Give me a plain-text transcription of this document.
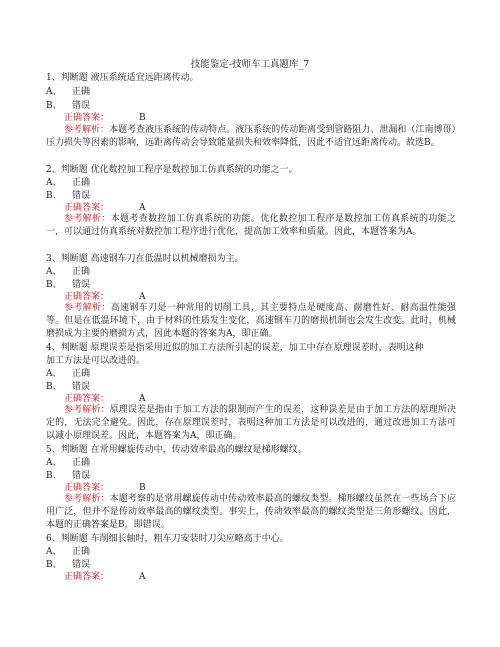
技能鉴定-技师车工真题库_7
1、判断题 液压系统适宜远距离传动。
A、 正确
B、 错误
正确答案：	B
参考解析：本题考查液压系统的传动特点。液压系统的传动距离受到管路阻力、泄漏和（江南博哥）压力损失等因素的影响，远距离传动会导致能量损失和效率降低，因此不适宜远距离传动。故选B。
2、判断题 优化数控加工程序是数控加工仿真系统的功能之一。
A、 正确
B、 错误
正确答案：	A
参考解析：本题考查数控加工仿真系统的功能。优化数控加工程序是数控加工仿真系统的功能之一，可以通过仿真系统对数控加工程序进行优化，提高加工效率和质量。因此，本题答案为A。
3、判断题 高速钢车刀在低温时以机械磨损为主。
A、 正确
B、 错误
正确答案：	A
参考解析：高速钢车刀是一种常用的切削工具，其主要特点是硬度高、耐磨性好、耐高温性能强等。但是在低温环境下，由于材料的性质发生变化，高速钢车刀的磨损机制也会发生改变。此时，机械磨损成为主要的磨损方式，因此本题的答案为A，即正确。
4、判断题 原理误差是指采用近似的加工方法所引起的误差，加工中存在原理误差时，表明这种
加工方法是可以改进的。
A、 正确
B、 错误
正确答案：	A
参考解析：原理误差是指由于加工方法的限制而产生的误差，这种误差是由于加工方法的原理所决定的，无法完全避免。因此，存在原理误差时，表明这种加工方法是可以改进的，通过改进加工方法可以减小原理误差。因此，本题答案为A，即正确。
5、判断题 在常用螺旋传动中，传动效率最高的螺纹是梯形螺纹。
A、 正确
B、 错误
正确答案：	B
参考解析：本题考察的是常用螺旋传动中传动效率最高的螺纹类型。梯形螺纹虽然在一些场合下应用广泛，但并不是传动效率最高的螺纹类型。事实上，传动效率最高的螺纹类型是三角形螺纹。因此，本题的正确答案是B，即错误。
6、判断题 车削细长轴时，粗车刀安装时刀尖应略高于中心。
A、 正确
B、 错误
正确答案：	A
